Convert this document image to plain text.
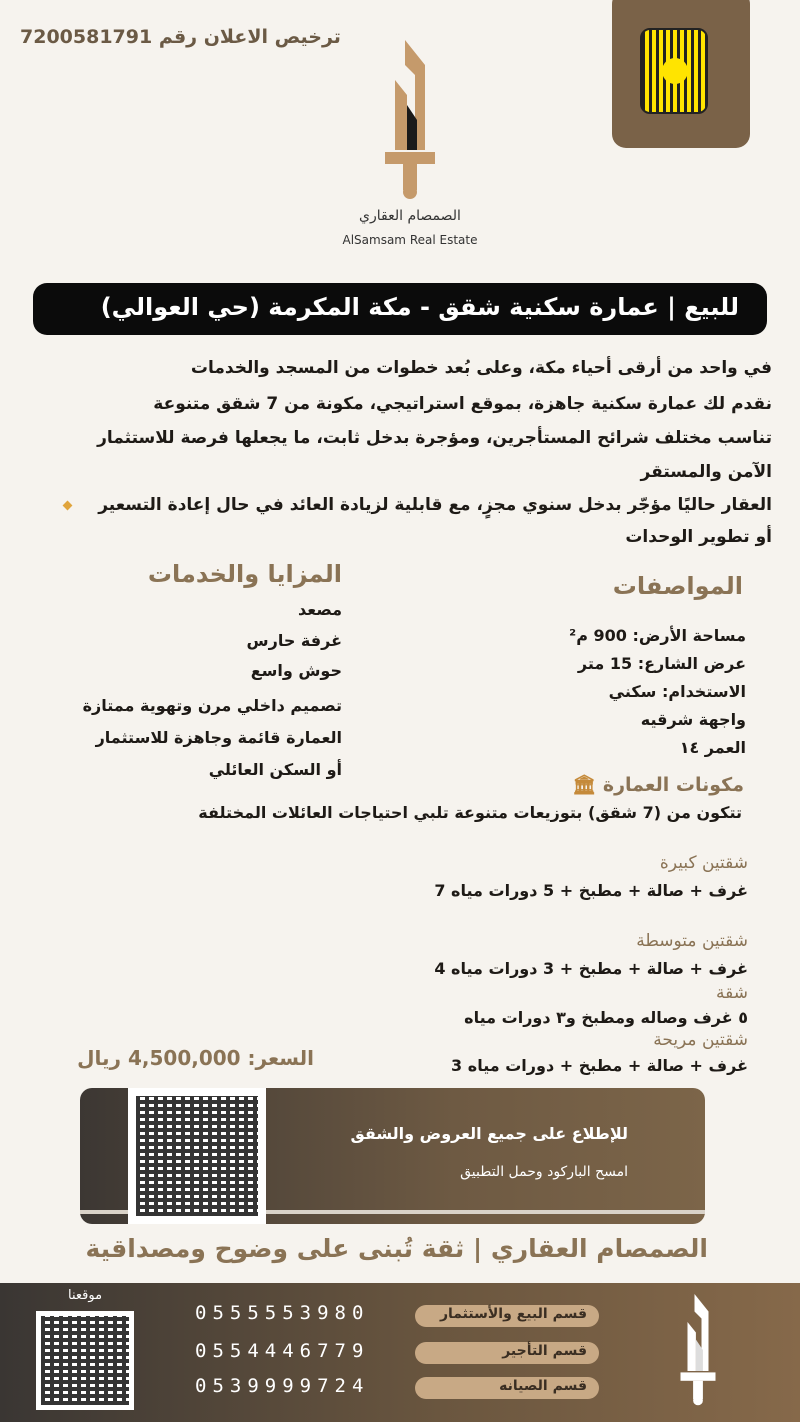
ترخيص الاعلان رقم 7200581791
الصمصام العقاري
AlSamsam Real Estate
للبيع | عمارة سكنية شقق - مكة المكرمة (حي العوالي)
في واحد من أرقى أحياء مكة، وعلى بُعد خطوات من المسجد والخدمات
نقدم لك عمارة سكنية جاهزة، بموقع استراتيجي، مكونة من 7 شقق متنوعة
تناسب مختلف شرائح المستأجرين، ومؤجرة بدخل ثابت، ما يجعلها فرصة للاستثمار
الآمن والمستقر
العقار حاليًا مؤجّر بدخل سنوي مجزٍ، مع قابلية لزيادة العائد في حال إعادة التسعير
أو تطوير الوحدات
المزايا والخدمات
مصعد
غرفة حارس
حوش واسع
تصميم داخلي مرن وتهوية ممتازة
العمارة قائمة وجاهزة للاستثمار
أو السكن العائلي
المواصفات
مساحة الأرض: 900 م²
عرض الشارع: 15 متر
الاستخدام: سكني
واجهة شرقيه
العمر ١٤
مكونات العمارة 🏛
تتكون من (7 شقق) بتوزيعات متنوعة تلبي احتياجات العائلات المختلفة
شقتين كبيرة
غرف + صالة + مطبخ + 5 دورات مياه 7
شقتين متوسطة
غرف + صالة + مطبخ + 3 دورات مياه 4
شقة
٥ غرف وصاله ومطبخ و٣ دورات مياه
شقتين مريحة
غرف + صالة + مطبخ + دورات مياه 3
السعر: 4,500,000 ريال
للإطلاع على جميع العروض والشقق
امسح الباركود وحمل التطبيق
الصمصام العقاري | ثقة تُبنى على وضوح ومصداقية
موقعنا
0555553980
0554446779
0539999724
قسم البيع والأستثمار
قسم التأجير
قسم الصيانه
